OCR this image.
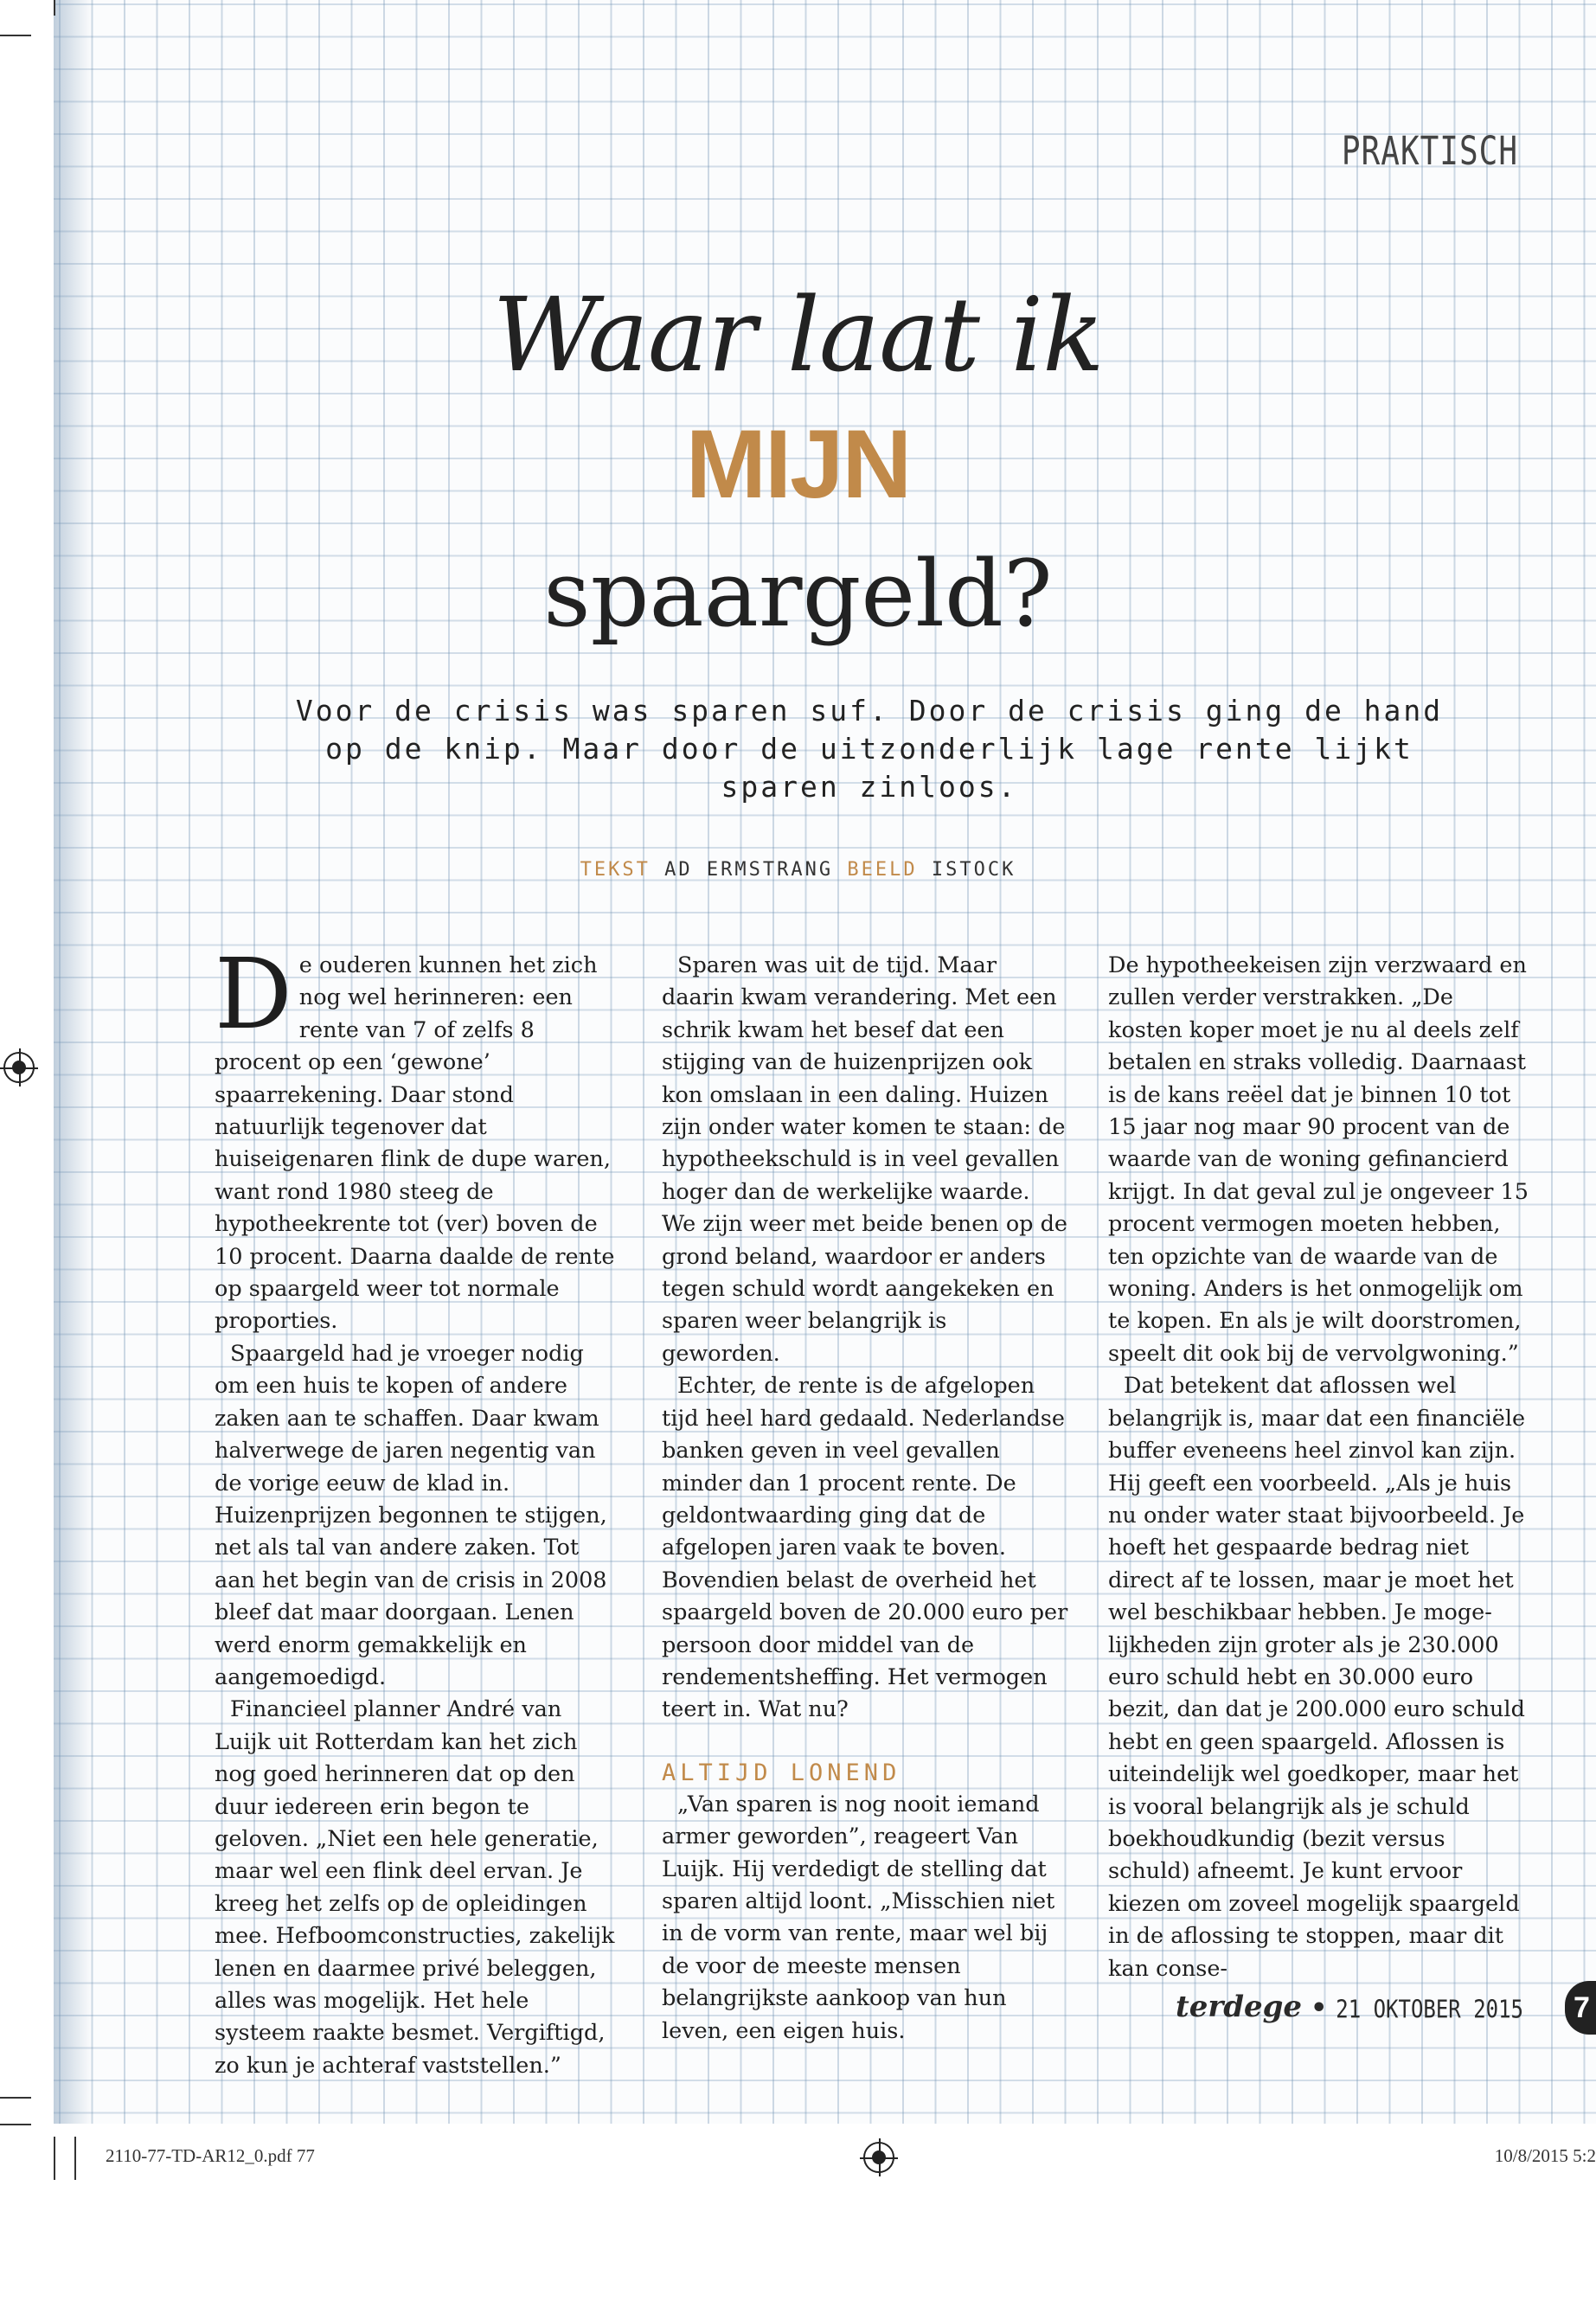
PRAKTISCH
Waar laat ik
MIJN
spaargeld?
Voor de crisis was sparen suf. Door de crisis ging de hand op de knip. Maar door de uitzonderlijk lage rente lijkt sparen zinloos.
TEKST AD ERMSTRANG BEELD ISTOCK

De ouderen kunnen het zich nog wel herinneren: een rente van 7 of zelfs 8 procent op een ‘gewone’ spaarrekening. Daar stond natuurlijk tegenover dat huiseigenaren flink de dupe waren, want rond 1980 steeg de hypotheekrente tot (ver) boven de 10 procent. Daarna daalde de rente op spaargeld weer tot normale proporties.

Spaargeld had je vroeger nodig om een huis te kopen of andere zaken aan te schaffen. Daar kwam halverwege de jaren negentig van de vorige eeuw de klad in. Huizenprijzen begonnen te stijgen, net als tal van andere zaken. Tot aan het begin van de crisis in 2008 bleef dat maar doorgaan. Lenen werd enorm gemakkelijk en aangemoedigd.

Financieel planner André van Luijk uit Rotterdam kan het zich nog goed herinneren dat op den duur iedereen erin begon te geloven. „Niet een hele generatie, maar wel een flink deel ervan. Je kreeg het zelfs op de opleidingen mee. Hefboomconstructies, zakelijk lenen en daarmee privé beleggen, alles was mogelijk. Het hele systeem raakte besmet. Vergiftigd, zo kun je achteraf vaststellen.”

Sparen was uit de tijd. Maar daarin kwam verandering. Met een schrik kwam het besef dat een stijging van de huizenprijzen ook kon omslaan in een daling. Huizen zijn onder water komen te staan: de hypotheekschuld is in veel gevallen hoger dan de werkelijke waarde. We zijn weer met beide benen op de grond beland, waardoor er anders tegen schuld wordt aangekeken en sparen weer belangrijk is geworden.

Echter, de rente is de afgelopen tijd heel hard gedaald. Nederlandse banken geven in veel gevallen minder dan 1 procent rente. De geldontwaarding ging dat de afgelopen jaren vaak te boven. Bovendien belast de overheid het spaargeld boven de 20.000 euro per persoon door middel van de rendementsheffing. Het vermogen teert in. Wat nu?

ALTIJD LONEND

„Van sparen is nog nooit iemand armer geworden”, reageert Van Luijk. Hij verdedigt de stelling dat sparen altijd loont. „Misschien niet in de vorm van rente, maar wel bij de voor de meeste mensen belangrijkste aankoop van hun leven, een eigen huis.

De hypotheekeisen zijn verzwaard en zullen verder verstrakken. „De kosten koper moet je nu al deels zelf betalen en straks volledig. Daarnaast is de kans reëel dat je binnen 10 tot 15 jaar nog maar 90 procent van de waarde van de woning gefinancierd krijgt. In dat geval zul je ongeveer 15 procent vermogen moeten hebben, ten opzichte van de waarde van de woning. Anders is het onmogelijk om te kopen. En als je wilt doorstromen, speelt dit ook bij de vervolgwoning.”

Dat betekent dat aflossen wel belangrijk is, maar dat een financiële buffer eveneens heel zinvol kan zijn. Hij geeft een voorbeeld. „Als je huis nu onder water staat bijvoorbeeld. Je hoeft het gespaarde bedrag niet direct af te lossen, maar je moet het wel beschikbaar hebben. Je mogelijkheden zijn groter als je 230.000 euro schuld hebt en 30.000 euro bezit, dan dat je 200.000 euro schuld hebt en geen spaargeld. Aflossen is uiteindelijk wel goedkoper, maar het is vooral belangrijk als je schuld boekhoudkundig (bezit versus schuld) afneemt. Je kunt ervoor kiezen om zoveel mogelijk spaargeld in de aflossing te stoppen, maar dit kan conse-

terdege • 21 OKTOBER 2015 7
2110-77-TD-AR12_0.pdf 77	10/8/2015 5:2
